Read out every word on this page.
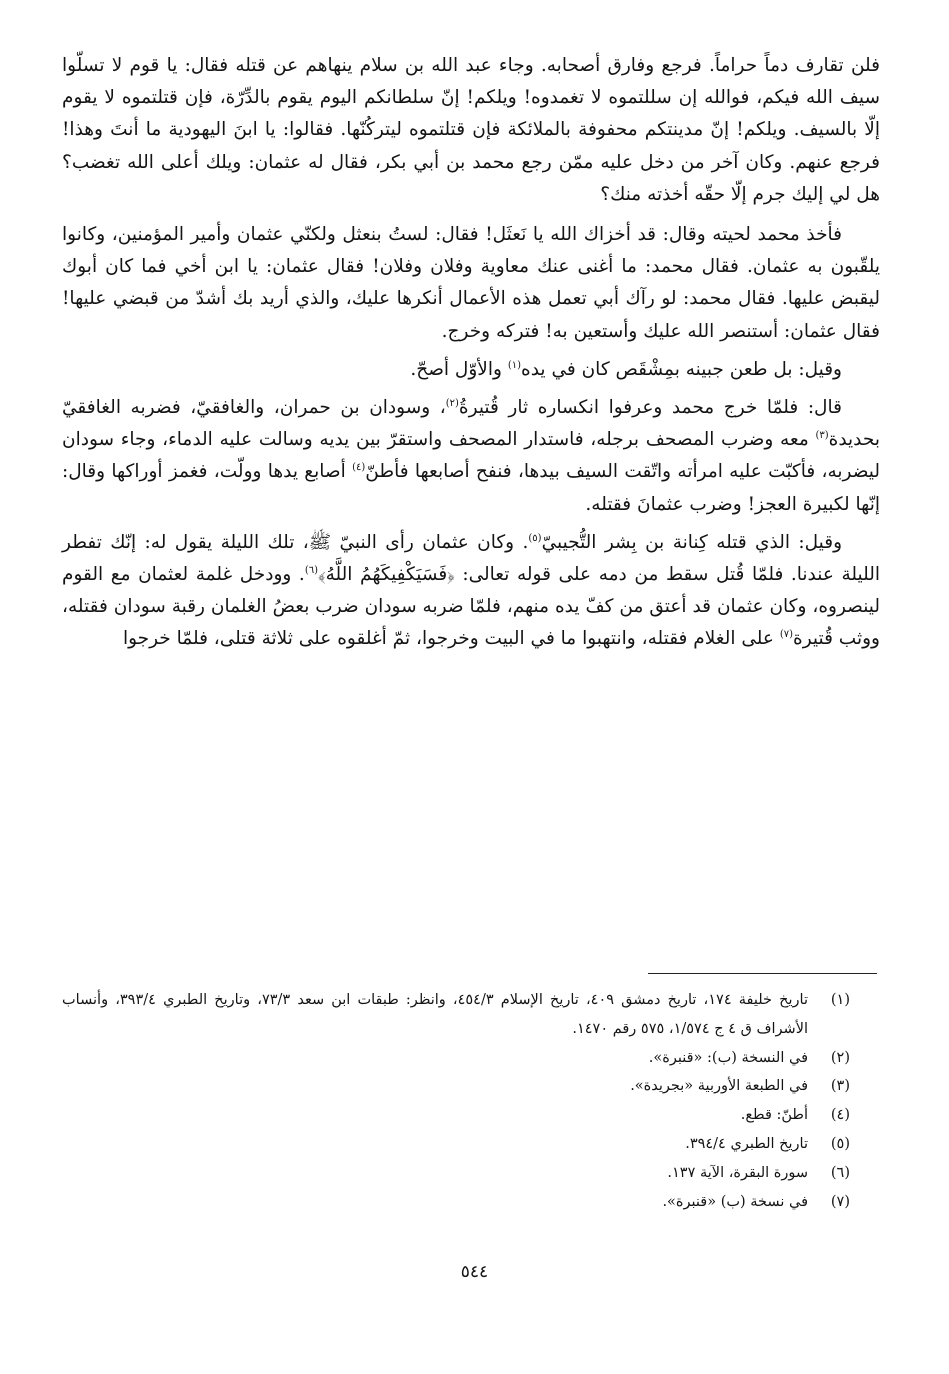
فلن تقارف دماً حراماً. فرجع وفارق أصحابه. وجاء عبد الله بن سلام ينهاهم عن قتله فقال: يا قوم لا تسلّوا سيف الله فيكم، فوالله إن سللتموه لا تغمدوه! ويلكم! إنّ سلطانكم اليوم يقوم بالدِّرّة، فإن قتلتموه لا يقوم إلّا بالسيف. ويلكم! إنّ مدينتكم محفوفة بالملائكة فإن قتلتموه ليتركُنّها. فقالوا: يا ابنَ اليهودية ما أنتَ وهذا! فرجع عنهم. وكان آخر من دخل عليه ممّن رجع محمد بن أبي بكر، فقال له عثمان: ويلك أعلى الله تغضب؟ هل لي إليك جرم إلّا حقّه أخذته منك؟

فأخذ محمد لحيته وقال: قد أخزاك الله يا نَعثَل! فقال: لستُ بنعثل ولكنّي عثمان وأمير المؤمنين، وكانوا يلقّبون به عثمان. فقال محمد: ما أغنى عنك معاوية وفلان وفلان! فقال عثمان: يا ابن أخي فما كان أبوك ليقبض عليها. فقال محمد: لو رآك أبي تعمل هذه الأعمال أنكرها عليك، والذي أريد بك أشدّ من قبضي عليها! فقال عثمان: أستنصر الله عليك وأستعين به! فتركه وخرج.

وقيل: بل طعن جبينه بمِشْقَص كان في يده$^{(١)}$ والأوّل أصحّ.

قال: فلمّا خرج محمد وعرفوا انكساره ثار قُتيرةُ$^{(٢)}$، وسودان بن حمران، والغافقيّ، فضربه الغافقيّ بحديدة$^{(٣)}$ معه وضرب المصحف برجله، فاستدار المصحف واستقرّ بين يديه وسالت عليه الدماء، وجاء سودان ليضربه، فأكبّت عليه امرأته واتّقت السيف بيدها، فنفح أصابعها فأطنّ$^{(٤)}$ أصابع يدها وولّت، فغمز أوراكها وقال: إنّها لكبيرة العجز! وضرب عثمانَ فقتله.

وقيل: الذي قتله كِنانة بن بِشر التُّجيبيّ$^{(٥)}$. وكان عثمان رأى النبيّ ﷺ، تلك الليلة يقول له: إنّك تفطر الليلة عندنا. فلمّا قُتل سقط من دمه على قوله تعالى: ﴿فَسَيَكْفِيكَهُمُ اللَّهُ﴾$^{(٦)}$. وودخل غلمة لعثمان مع القوم لينصروه، وكان عثمان قد أعتق من كفّ يده منهم، فلمّا ضربه سودان ضرب بعضُ الغلمان رقبة سودان فقتله، ووثب قُتيرة$^{(٧)}$ على الغلام فقتله، وانتهبوا ما في البيت وخرجوا، ثمّ أغلقوه على ثلاثة قتلى، فلمّا خرجوا

(١)
تاريخ خليفة ١٧٤، تاريخ دمشق ٤٠٩، تاريخ الإسلام ٤٥٤/٣، وانظر: طبقات ابن سعد ٧٣/٣، وتاريخ الطبري ٣٩٣/٤، وأنساب الأشراف ق ٤ ج ١/٥٧٤، ٥٧٥ رقم ١٤٧٠.
(٢)
في النسخة (ب): «قنبرة».
(٣)
في الطبعة الأوربية «بجريدة».
(٤)
أطنّ: قطع.
(٥)
تاريخ الطبري ٣٩٤/٤.
(٦)
سورة البقرة، الآية ١٣٧.
(٧)
في نسخة (ب) «قنبرة».
٥٤٤
